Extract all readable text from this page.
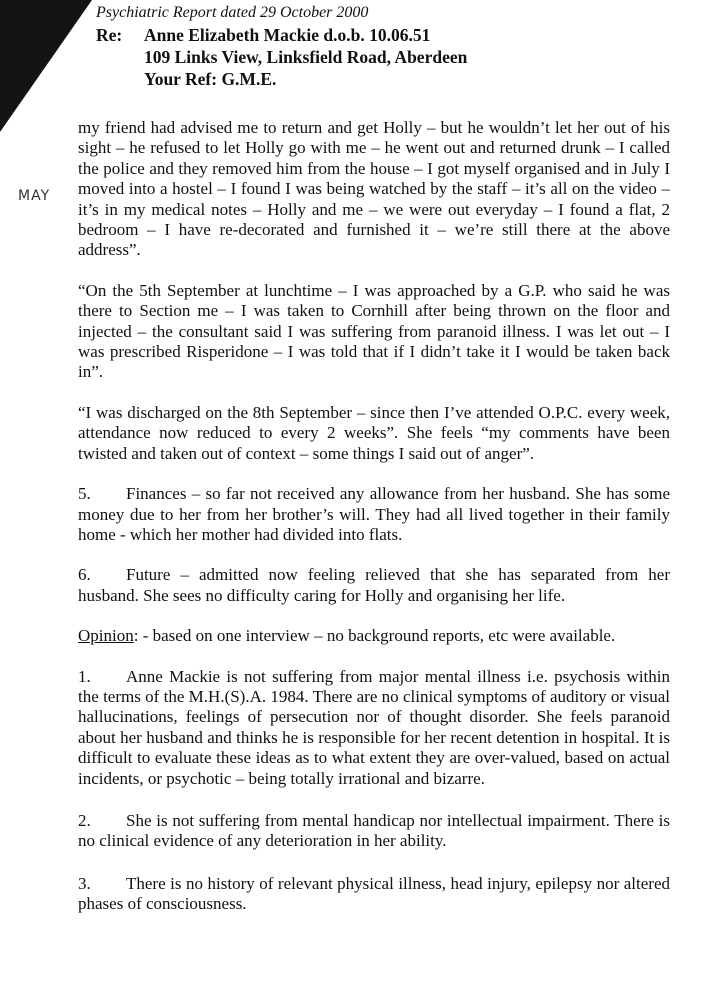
Psychiatric Report dated 29 October 2000
Re: Anne Elizabeth Mackie d.o.b. 10.06.51
109 Links View, Linksfield Road, Aberdeen
Your Ref: G.M.E.
MAY

my friend had advised me to return and get Holly – but he wouldn’t let her out of his sight – he refused to let Holly go with me – he went out and returned drunk – I called the police and they removed him from the house – I got myself organised and in July I moved into a hostel – I found I was being watched by the staff – it’s all on the video – it’s in my medical notes – Holly and me – we were out everyday – I found a flat, 2 bedroom – I have re-decorated and furnished it – we’re still there at the above address”.

“On the 5th September at lunchtime – I was approached by a G.P. who said he was there to Section me – I was taken to Cornhill after being thrown on the floor and injected – the consultant said I was suffering from paranoid illness. I was let out – I was prescribed Risperidone – I was told that if I didn’t take it I would be taken back in”.

“I was discharged on the 8th September – since then I’ve attended O.P.C. every week, attendance now reduced to every 2 weeks”. She feels “my comments have been twisted and taken out of context – some things I said out of anger”.

5. Finances – so far not received any allowance from her husband. She has some money due to her from her brother’s will. They had all lived together in their family home - which her mother had divided into flats.

6. Future – admitted now feeling relieved that she has separated from her husband. She sees no difficulty caring for Holly and organising her life.

Opinion: - based on one interview – no background reports, etc were available.

1. Anne Mackie is not suffering from major mental illness i.e. psychosis within the terms of the M.H.(S).A. 1984. There are no clinical symptoms of auditory or visual hallucinations, feelings of persecution nor of thought disorder. She feels paranoid about her husband and thinks he is responsible for her recent detention in hospital. It is difficult to evaluate these ideas as to what extent they are over-valued, based on actual incidents, or psychotic – being totally irrational and bizarre.

2. She is not suffering from mental handicap nor intellectual impairment. There is no clinical evidence of any deterioration in her ability.

3. There is no history of relevant physical illness, head injury, epilepsy nor altered phases of consciousness.
